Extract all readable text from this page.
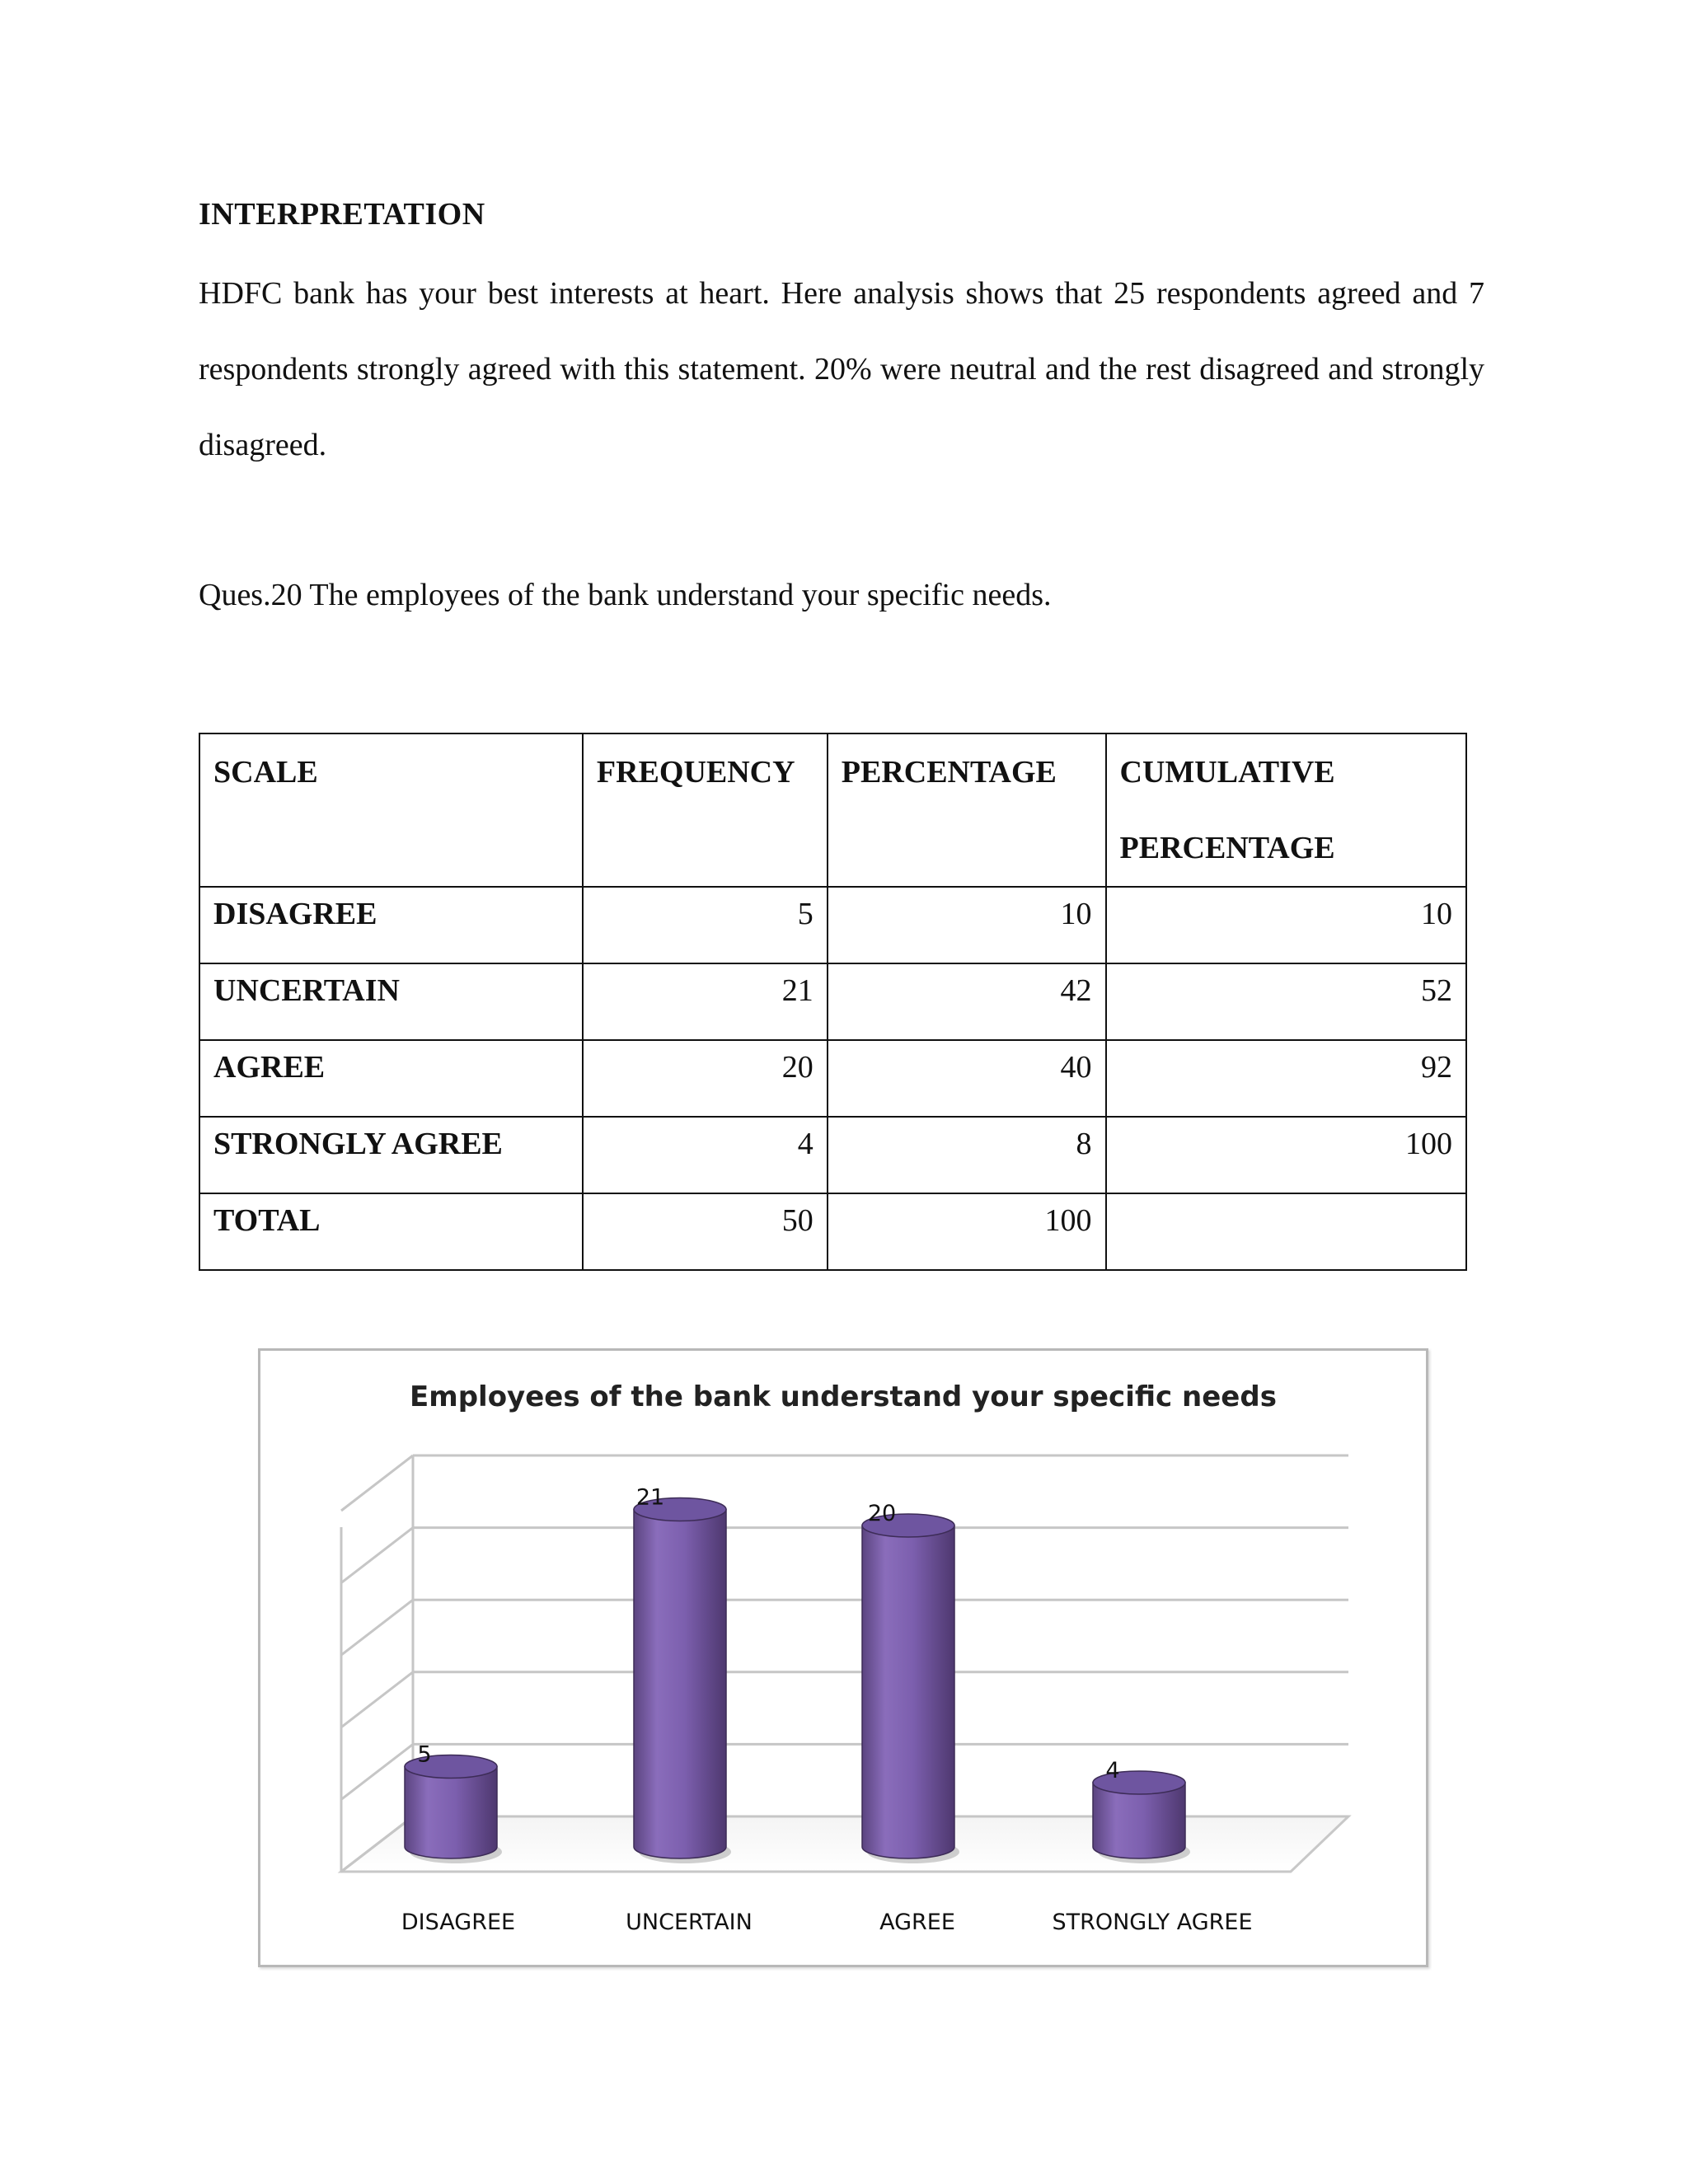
INTERPRETATION
HDFC bank has your best interests at heart. Here analysis shows that 25 respondents agreed and 7 respondents strongly agreed with this statement. 20% were neutral and the rest disagreed and strongly disagreed.
Ques.20 The employees of the bank understand your specific needs.
SCALE	FREQUENCY	PERCENTAGE	CUMULATIVE PERCENTAGE
DISAGREE	5	10	10
UNCERTAIN	21	42	52
AGREE	20	40	92
STRONGLY AGREE	4	8	100
TOTAL	50	100	
Employees of the bank understand your specific needs
5
DISAGREE
21
UNCERTAIN
20
AGREE
4
STRONGLY AGREE
